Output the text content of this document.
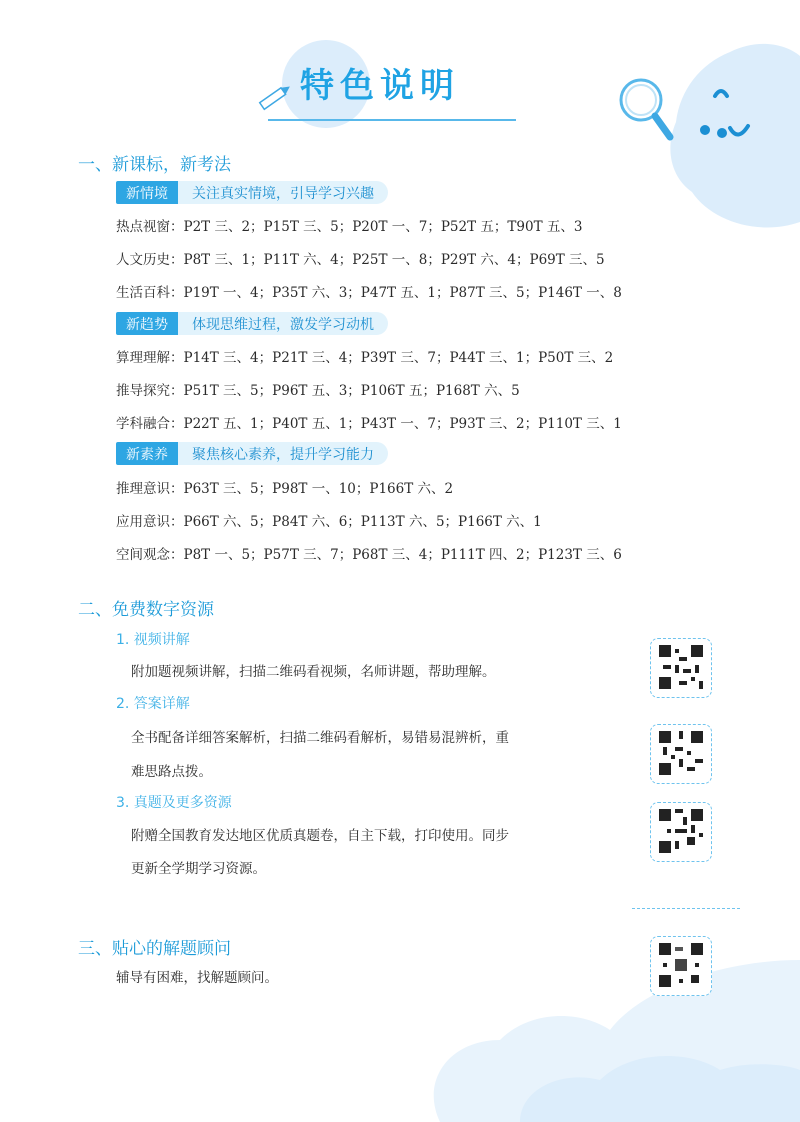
特色说明
一、新课标，新考法
新情境	关注真实情境，引导学习兴趣
热点视窗：P2T 三、2；P15T 三、5；P20T 一、7；P52T 五；T90T 五、3
人文历史：P8T 三、1；P11T 六、4；P25T 一、8；P29T 六、4；P69T 三、5
生活百科：P19T 一、4；P35T 六、3；P47T 五、1；P87T 三、5；P146T 一、8
新趋势	体现思维过程，激发学习动机
算理理解：P14T 三、4；P21T 三、4；P39T 三、7；P44T 三、1；P50T 三、2
推导探究：P51T 三、5；P96T 五、3；P106T 五；P168T 六、5
学科融合：P22T 五、1；P40T 五、1；P43T 一、7；P93T 三、2；P110T 三、1
新素养	聚焦核心素养，提升学习能力
推理意识：P63T 三、5；P98T 一、10；P166T 六、2
应用意识：P66T 六、5；P84T 六、6；P113T 六、5；P166T 六、1
空间观念：P8T 一、5；P57T 三、7；P68T 三、4；P111T 四、2；P123T 三、6
二、免费数字资源
1. 视频讲解
附加题视频讲解，扫描二维码看视频，名师讲题，帮助理解。
2. 答案详解
全书配备详细答案解析，扫描二维码看解析，易错易混辨析，重
难思路点拨。
3. 真题及更多资源
附赠全国教育发达地区优质真题卷，自主下载，打印使用。同步
更新全学期学习资源。
三、贴心的解题顾问
辅导有困难，找解题顾问。
